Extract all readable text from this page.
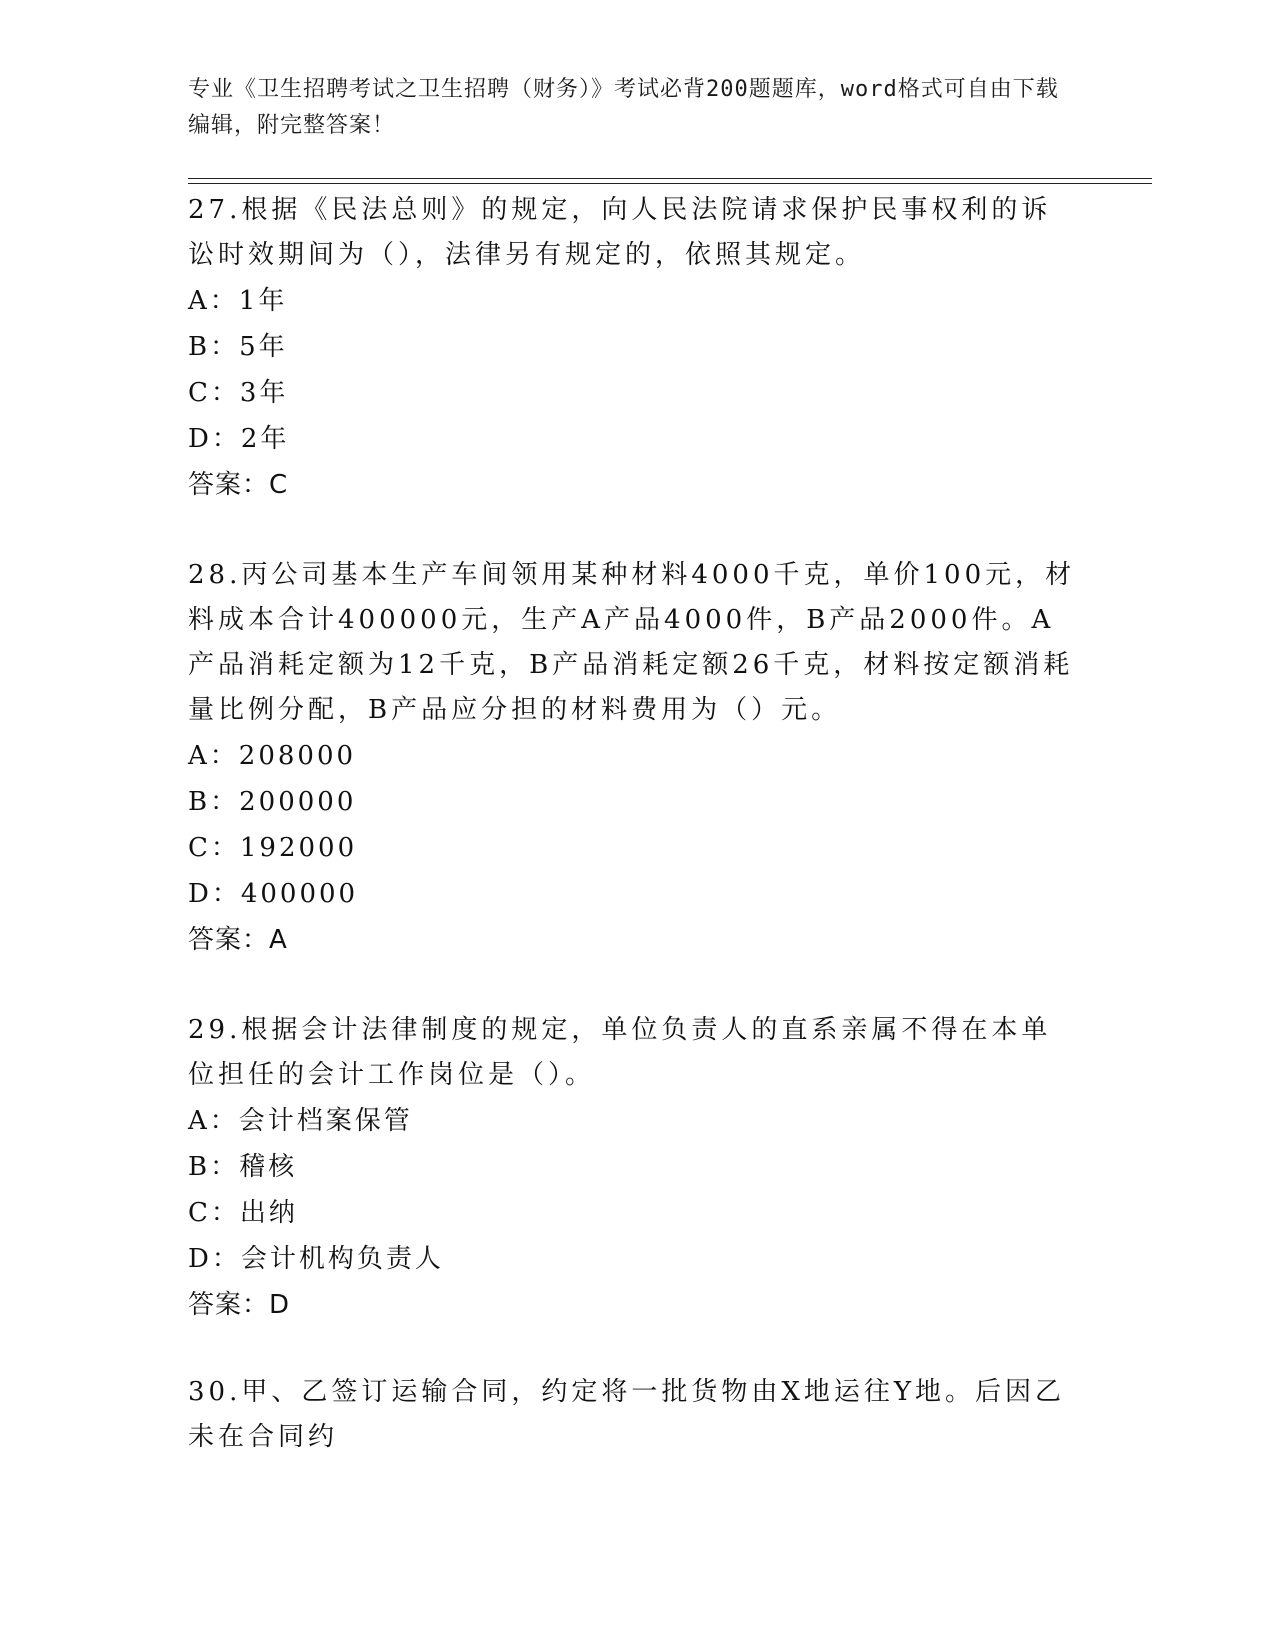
专业《卫生招聘考试之卫生招聘（财务）》考试必背200题题库，word格式可自由下载编辑，附完整答案！

27.根据《民法总则》的规定，向人民法院请求保护民事权利的诉讼时效期间为（），法律另有规定的，依照其规定。

A：1年

B：5年

C：3年

D：2年

答案：C

28.丙公司基本生产车间领用某种材料4000千克，单价100元，材料成本合计400000元，生产A产品4000件，B产品2000件。A产品消耗定额为12千克，B产品消耗定额26千克，材料按定额消耗量比例分配，B产品应分担的材料费用为（）元。

A：208000

B：200000

C：192000

D：400000

答案：A

29.根据会计法律制度的规定，单位负责人的直系亲属不得在本单位担任的会计工作岗位是（）。

A：会计档案保管

B：稽核

C：出纳

D：会计机构负责人

答案：D

30.甲、乙签订运输合同，约定将一批货物由X地运往Y地。后因乙未在合同约
